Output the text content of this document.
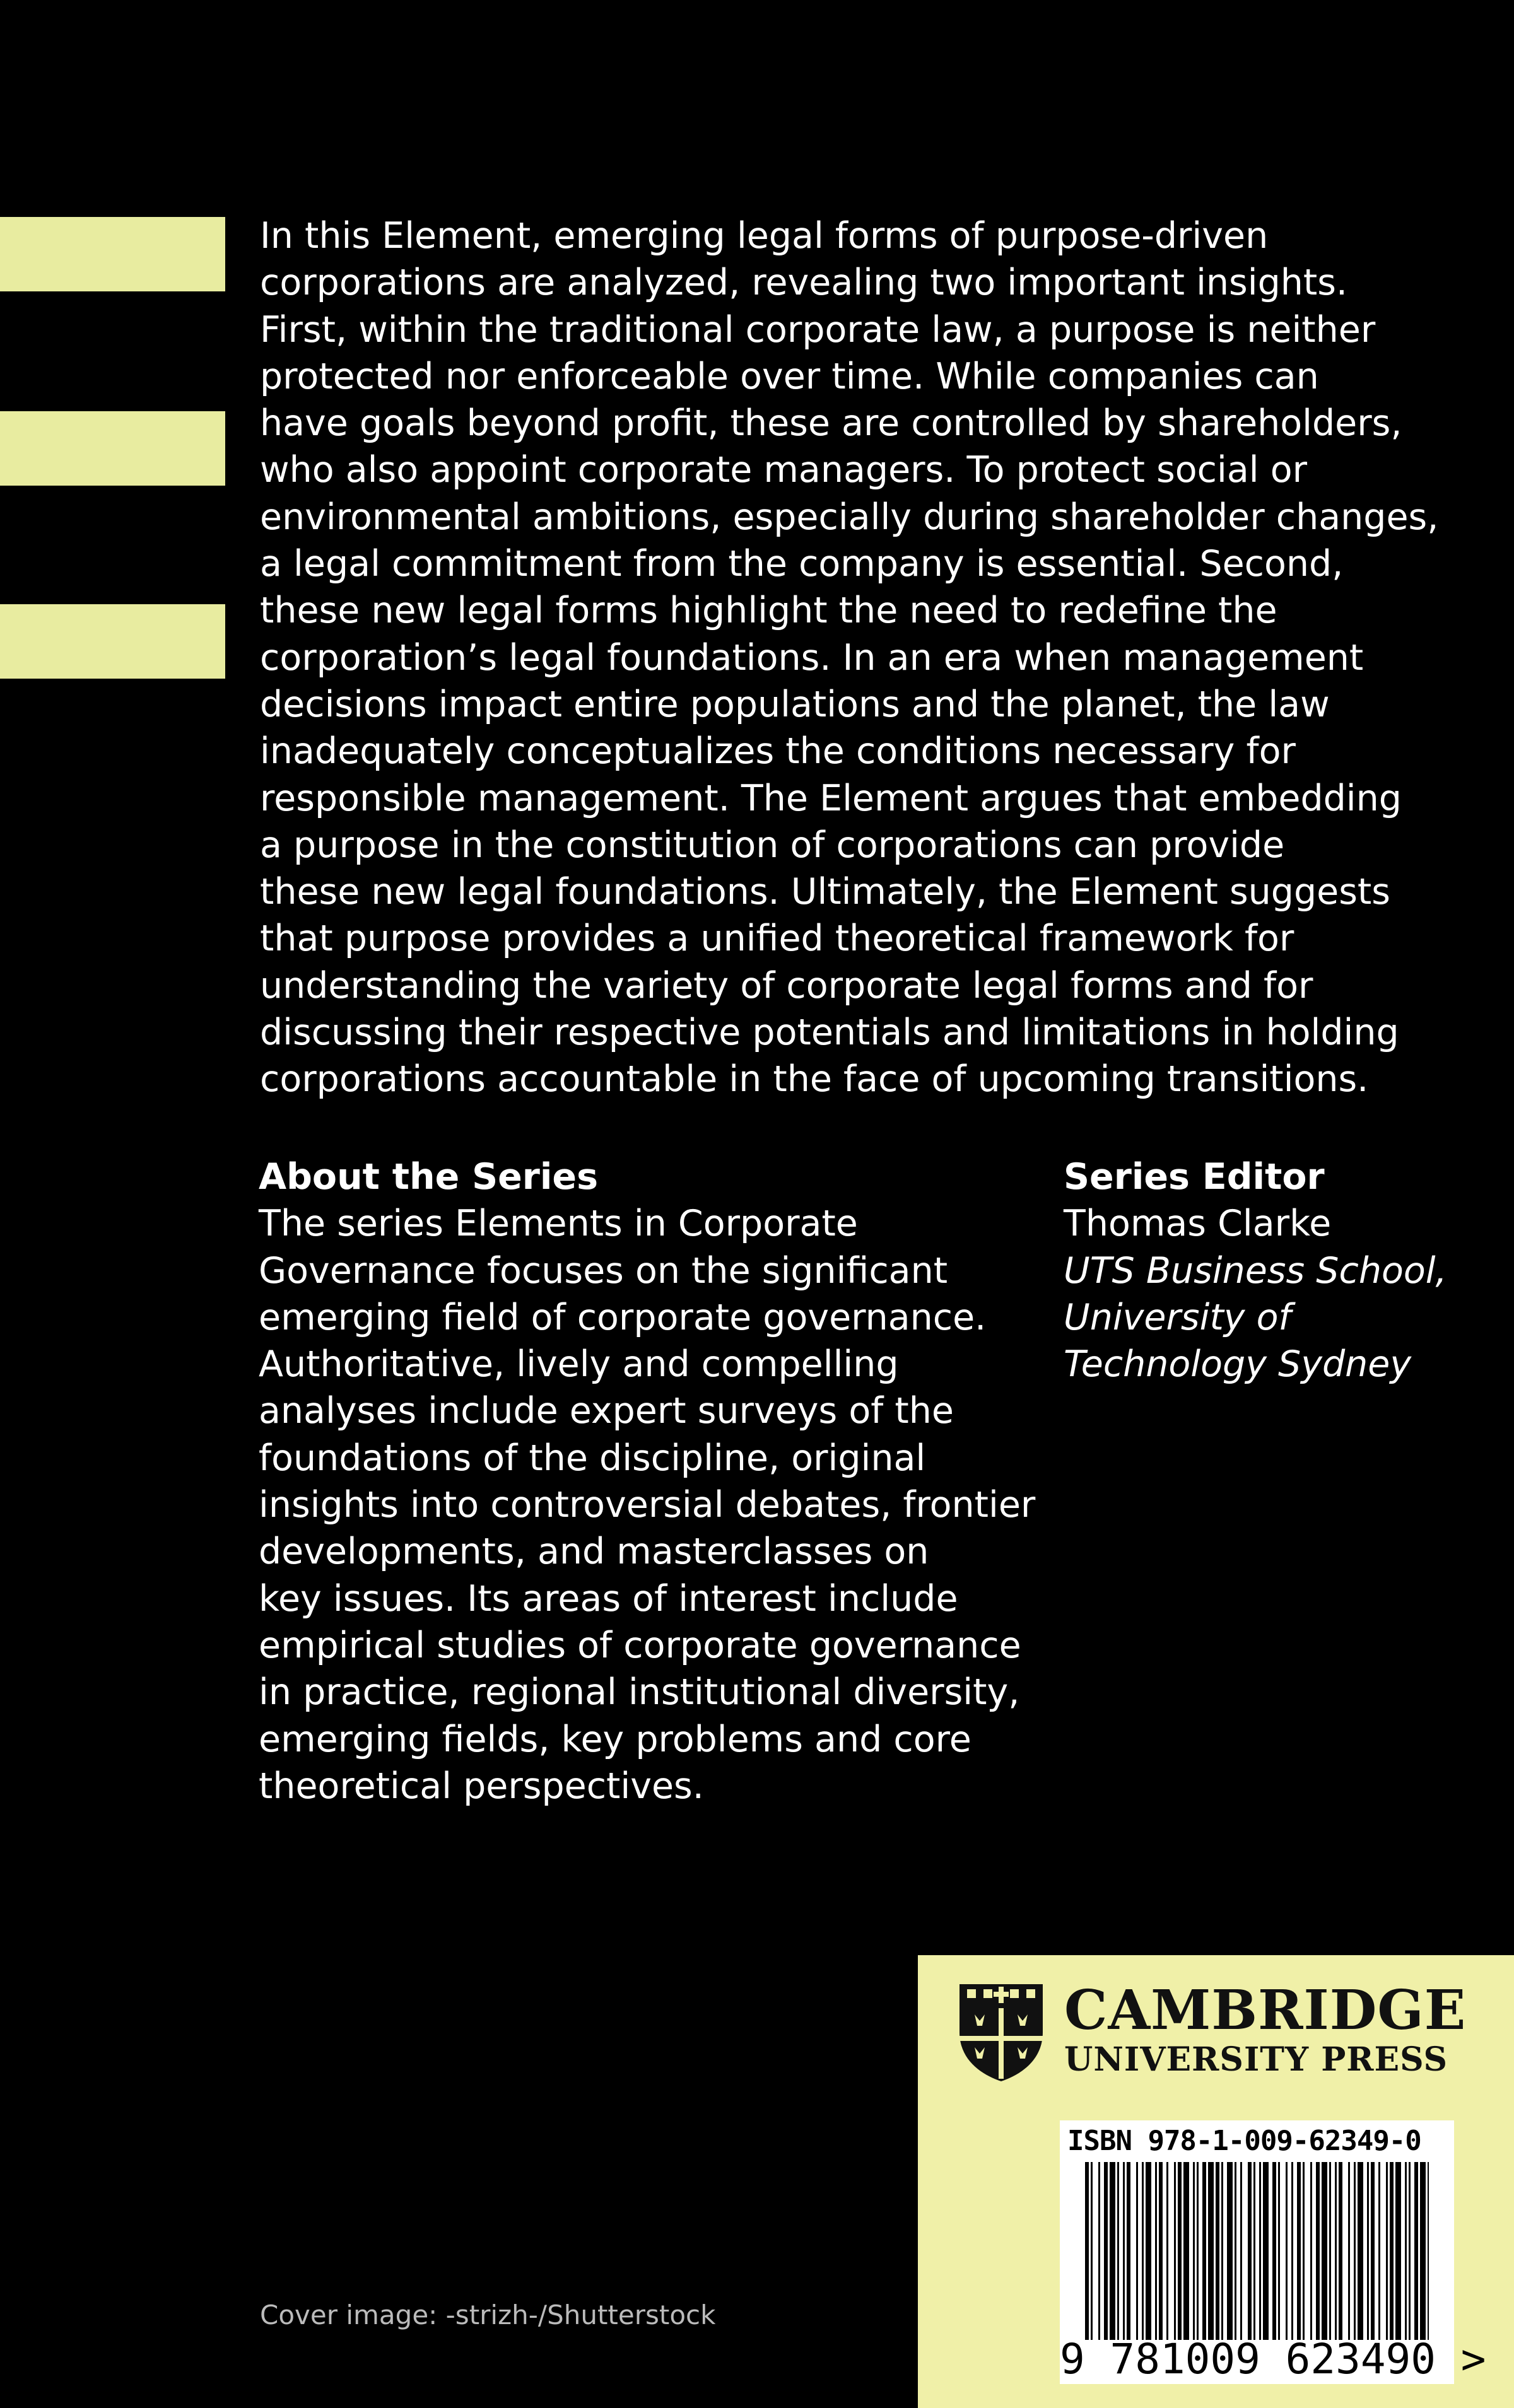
In this Element, emerging legal forms of purpose-driven
corporations are analyzed, revealing two important insights.
First, within the traditional corporate law, a purpose is neither
protected nor enforceable over time. While companies can
have goals beyond profit, these are controlled by shareholders,
who also appoint corporate managers. To protect social or
environmental ambitions, especially during shareholder changes,
a legal commitment from the company is essential. Second,
these new legal forms highlight the need to redefine the
corporation’s legal foundations. In an era when management
decisions impact entire populations and the planet, the law
inadequately conceptualizes the conditions necessary for
responsible management. The Element argues that embedding
a purpose in the constitution of corporations can provide
these new legal foundations. Ultimately, the Element suggests
that purpose provides a unified theoretical framework for
understanding the variety of corporate legal forms and for
discussing their respective potentials and limitations in holding
corporations accountable in the face of upcoming transitions.

About the Series
The series Elements in Corporate
Governance focuses on the significant
emerging field of corporate governance.
Authoritative, lively and compelling
analyses include expert surveys of the
foundations of the discipline, original
insights into controversial debates, frontier
developments, and masterclasses on
key issues. Its areas of interest include
empirical studies of corporate governance
in practice, regional institutional diversity,
emerging fields, key problems and core
theoretical perspectives.
Series Editor
Thomas Clarke
UTS Business School,
University of
Technology Sydney
Cover image: -strizh-/Shutterstock
CAMBRIDGE
UNIVERSITY PRESS
ISBN 978-1-009-62349-0
9 781009 623490 >
